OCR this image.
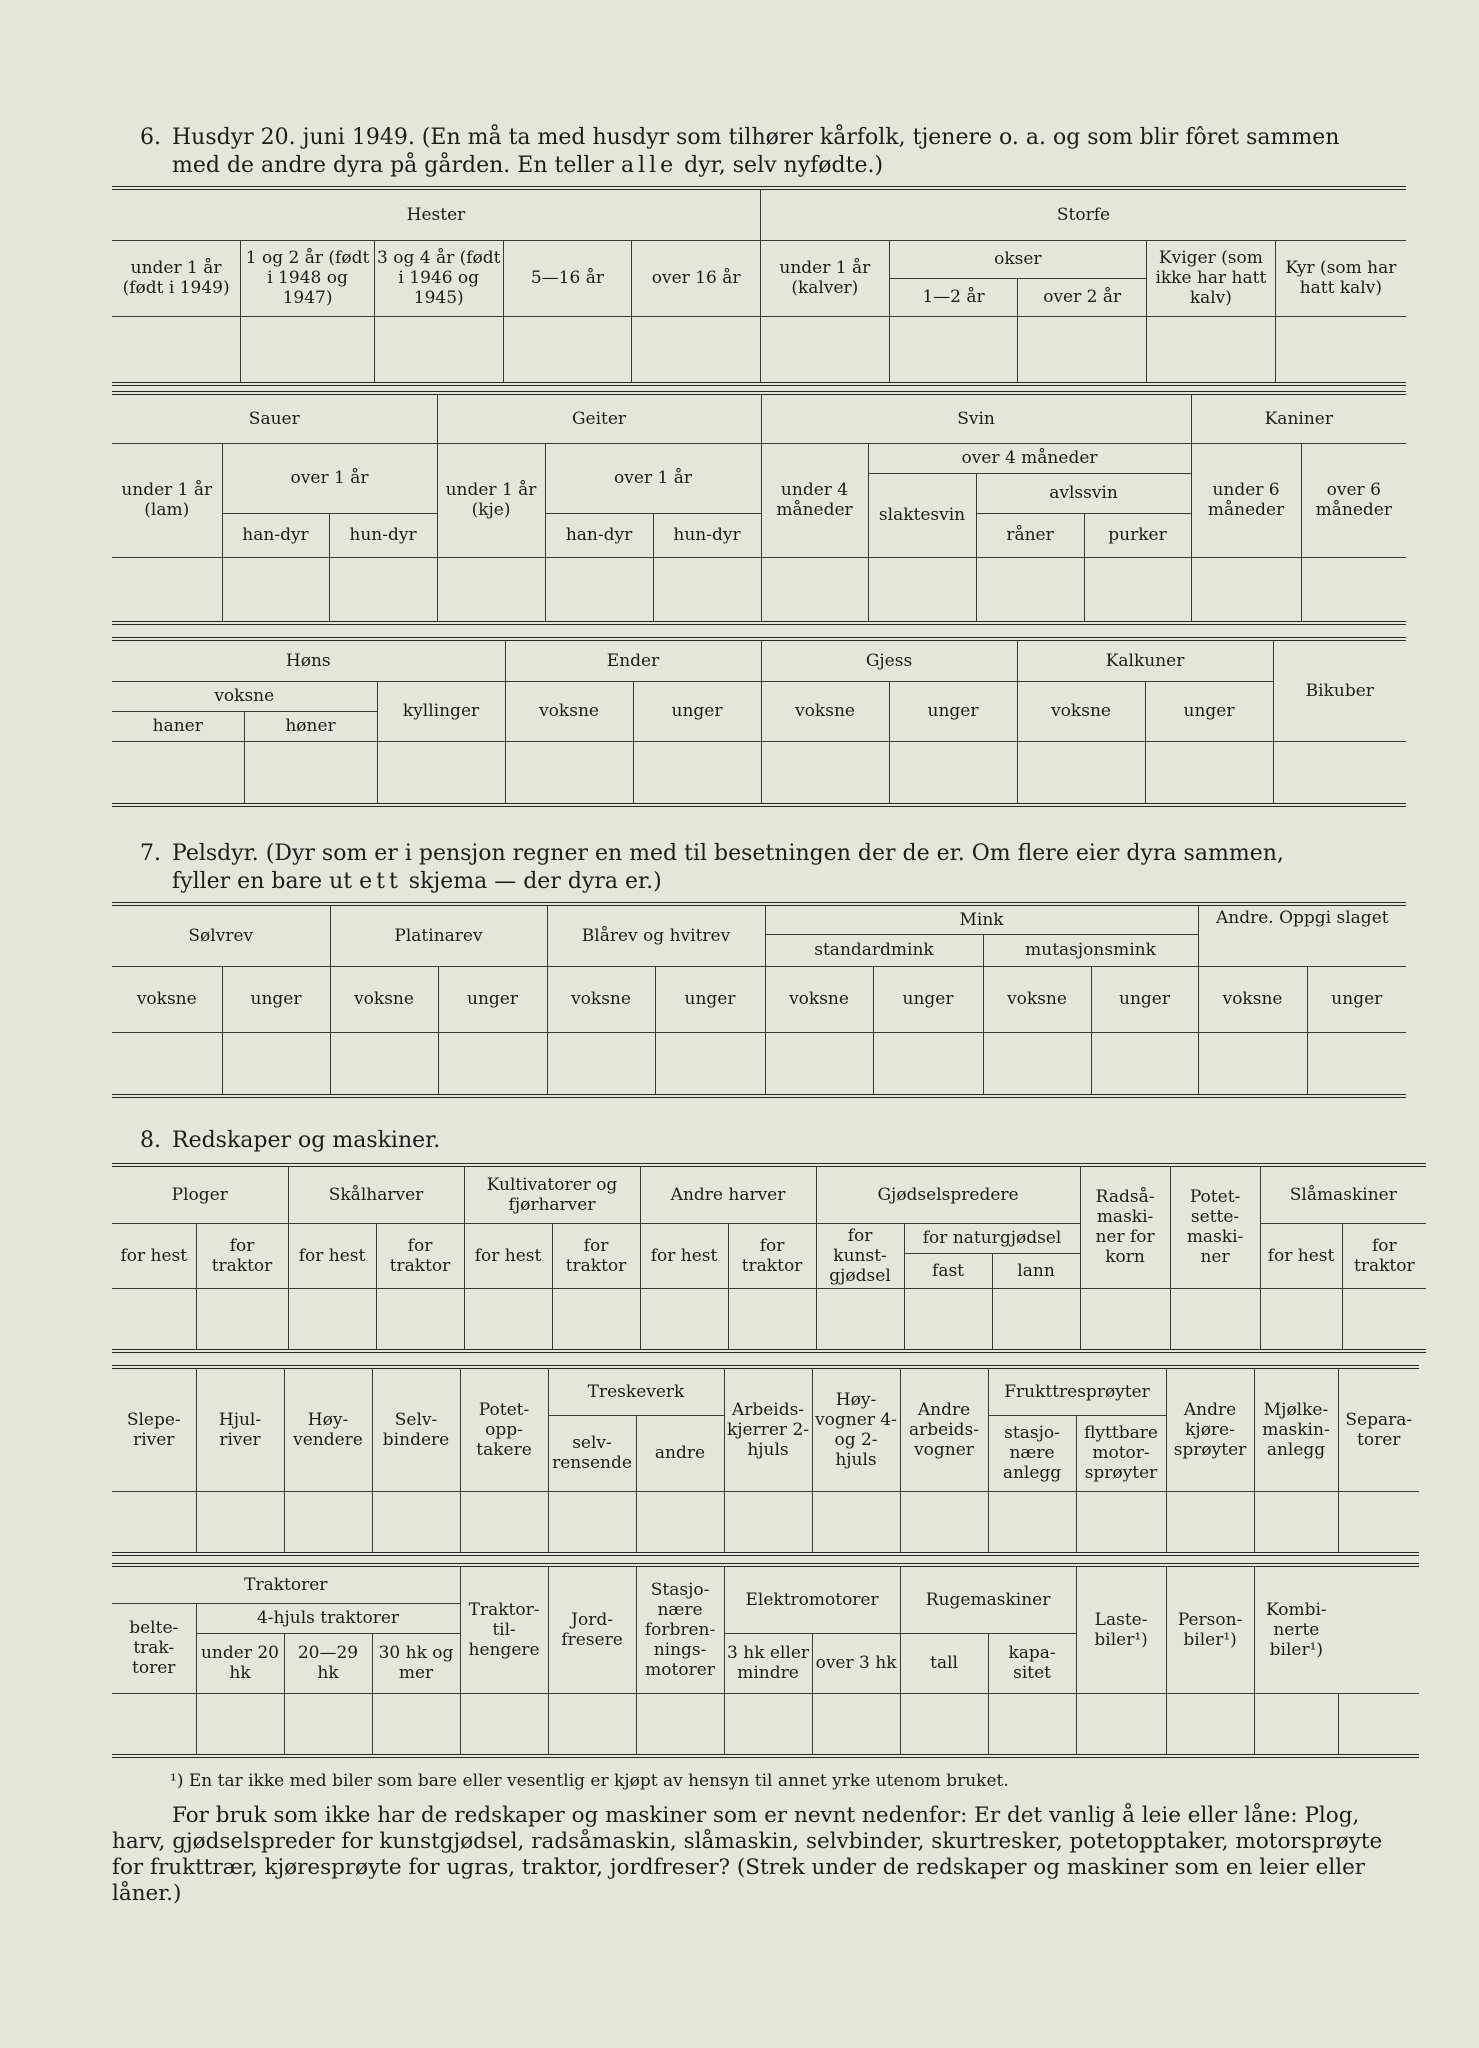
6. Husdyr 20. juni 1949. (En må ta med husdyr som tilhører kårfolk, tjenere o. a. og som blir fôret sammen
med de andre dyra på gården. En teller alle dyr, selv nyfødte.)

Hester					Storfe				
under 1 år (født i 1949)	1 og 2 år (født i 1948 og 1947)	3 og 4 år (født i 1946 og 1945)	5—16 år	over 16 år	under 1 år (kalver)	okser		Kviger (som ikke har hatt kalv)	Kyr (som har hatt kalv)
						1—2 år	over 2 år		

Sauer			Geiter			Svin				Kaniner	
under 1 år (lam)	over 1 år		under 1 år (kje)	over 1 år		under 4 måneder	over 4 måneder			under 6 måneder	over 6 måneder
							slaktesvin	avlssvin			
	han-dyr	hun-dyr		han-dyr	hun-dyr			råner	purker		

Høns			Ender		Gjess		Kalkuner		Bikuber
voksne		kyllinger	voksne	unger	voksne	unger	voksne	unger	
haner	høner								

7. Pelsdyr. (Dyr som er i pensjon regner en med til besetningen der de er. Om flere eier dyra sammen,
fyller en bare ut ett skjema — der dyra er.)

Sølvrev		Platinarev		Blårev og hvitrev		Mink				Andre. Oppgi slaget	
						standardmink		mutasjonsmink			
voksne	unger	voksne	unger	voksne	unger	voksne	unger	voksne	unger	voksne	unger

8. Redskaper og maskiner.

Ploger		Skålharver		Kultivatorer og fjørharver		Andre harver		Gjødselspredere			Radså-maski-ner for korn	Potet-sette-maski-ner	Slåmaskiner	
for hest	for traktor	for hest	for traktor	for hest	for traktor	for hest	for traktor	for kunst-gjødsel	for naturgjødsel				for hest	for traktor
									fast	lann				

Slepe-river	Hjul-river	Høy-vendere	Selv-bindere	Potet-opp-takere	Treskeverk		Arbeids-kjerrer 2-hjuls	Høy-vogner 4- og 2-hjuls	Andre arbeids-vogner	Frukttresprøyter		Andre kjøre-sprøyter	Mjølke-maskin-anlegg	Separa-torer
					selv-rensende	andre				stasjo-nære anlegg	flyttbare motor-sprøyter			

Traktorer				Traktor-til-hengere	Jord-fresere	Stasjo-nære forbren-nings-motorer	Elektromotorer		Rugemaskiner		Laste-biler¹)	Person-biler¹)	Kombi-nerte biler¹)	
belte-trak-torer	4-hjuls traktorer													
	under 20 hk	20—29 hk	30 hk og mer				3 hk eller mindre	over 3 hk	tall	kapa-sitet				

¹) En tar ikke med biler som bare eller vesentlig er kjøpt av hensyn til annet yrke utenom bruket.

For bruk som ikke har de redskaper og maskiner som er nevnt nedenfor: Er det vanlig å leie eller låne: Plog, harv, gjødselspreder for kunstgjødsel, radsåmaskin, slåmaskin, selvbinder, skurtresker, potetopptaker, motorsprøyte for frukttrær, kjøresprøyte for ugras, traktor, jordfreser? (Strek under de redskaper og maskiner som en leier eller låner.)
